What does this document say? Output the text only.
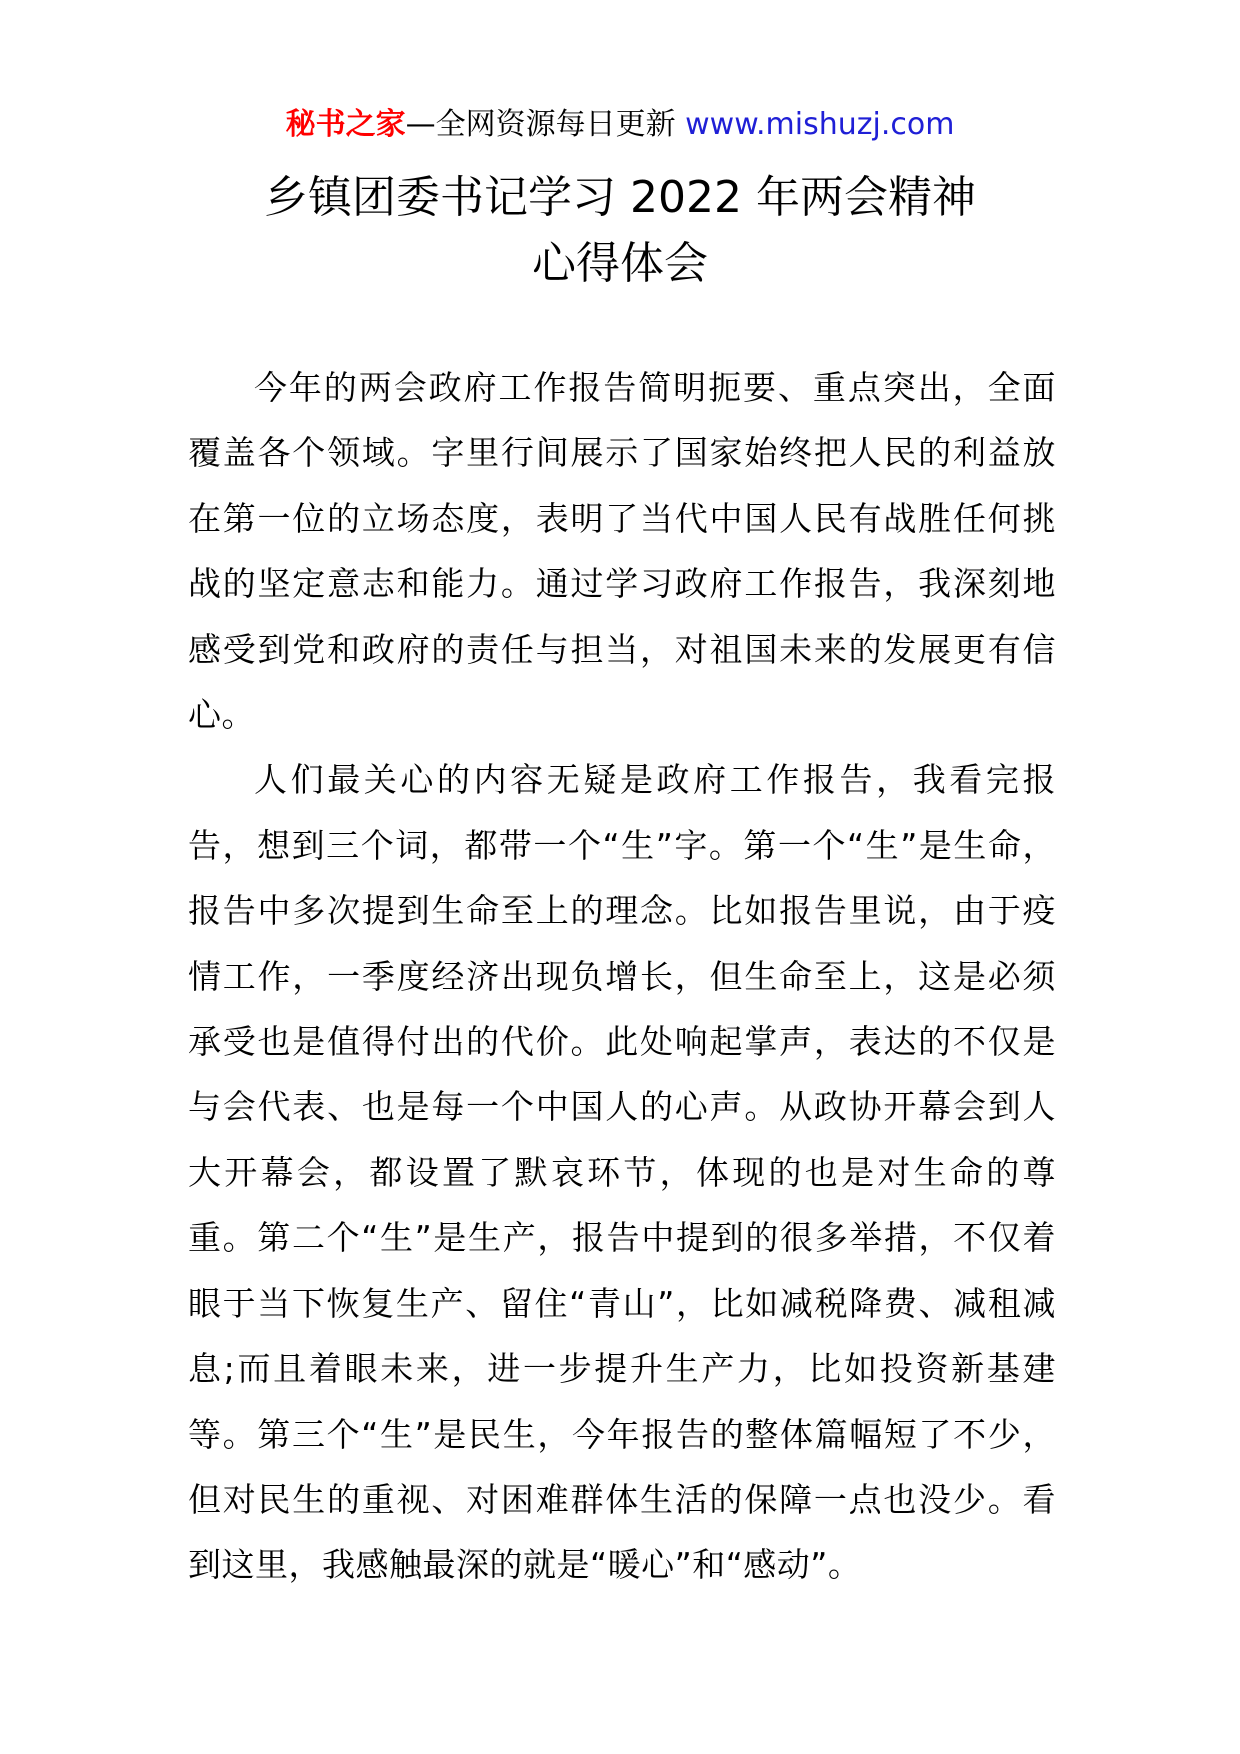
秘书之家—全网资源每日更新 www.mishuzj.com
乡镇团委书记学习 2022 年两会精神
心得体会

今年的两会政府工作报告简明扼要、重点突出，全面覆盖各个领域。字里行间展示了国家始终把人民的利益放在第一位的立场态度，表明了当代中国人民有战胜任何挑战的坚定意志和能力。通过学习政府工作报告，我深刻地感受到党和政府的责任与担当，对祖国未来的发展更有信心。

人们最关心的内容无疑是政府工作报告，我看完报告，想到三个词，都带一个“生”字。第一个“生”是生命，报告中多次提到生命至上的理念。比如报告里说，由于疫情工作，一季度经济出现负增长，但生命至上，这是必须承受也是值得付出的代价。此处响起掌声，表达的不仅是与会代表、也是每一个中国人的心声。从政协开幕会到人大开幕会，都设置了默哀环节，体现的也是对生命的尊重。第二个“生”是生产，报告中提到的很多举措，不仅着眼于当下恢复生产、留住“青山”，比如减税降费、减租减息;而且着眼未来，进一步提升生产力，比如投资新基建等。第三个“生”是民生，今年报告的整体篇幅短了不少，但对民生的重视、对困难群体生活的保障一点也没少。看到这里，我感触最深的就是“暖心”和“感动”。
